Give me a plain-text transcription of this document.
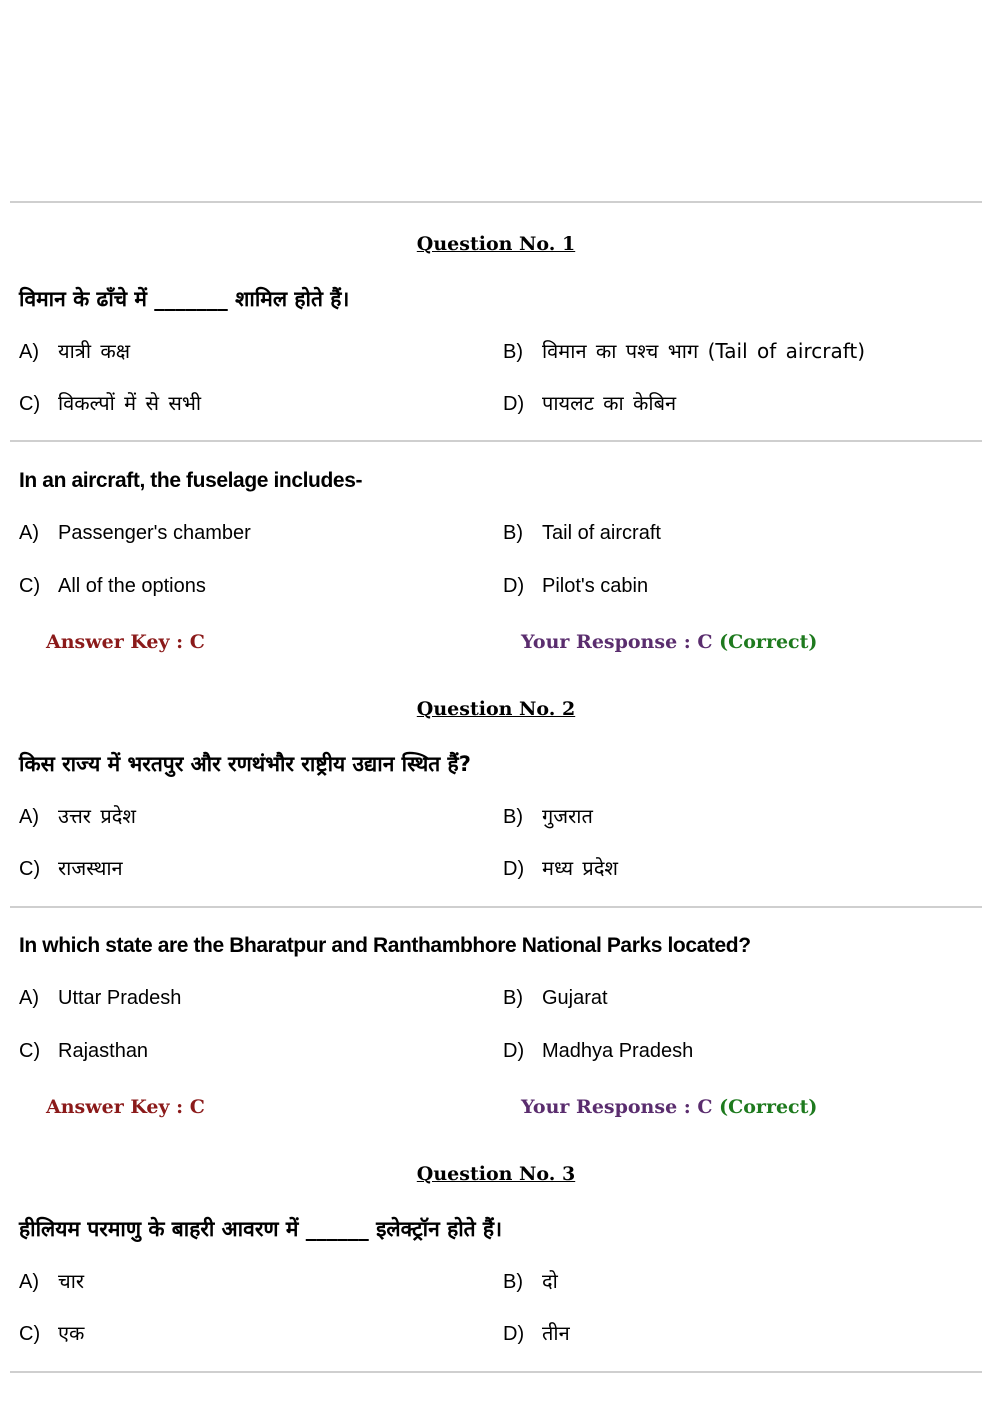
Question No. 1
विमान के ढाँचे में _______ शामिल होते हैं।
A) यात्री कक्ष	B) विमान का पश्च भाग (Tail of aircraft)
C) विकल्पों में से सभी	D) पायलट का केबिन
In an aircraft, the fuselage includes-
A) Passenger's chamber	B) Tail of aircraft
C) All of the options	D) Pilot's cabin
Answer Key : C	Your Response : C (Correct)
Question No. 2
किस राज्य में भरतपुर और रणथंभौर राष्ट्रीय उद्यान स्थित हैं?
A) उत्तर प्रदेश	B) गुजरात
C) राजस्थान	D) मध्य प्रदेश
In which state are the Bharatpur and Ranthambhore National Parks located?
A) Uttar Pradesh	B) Gujarat
C) Rajasthan	D) Madhya Pradesh
Answer Key : C	Your Response : C (Correct)
Question No. 3
हीलियम परमाणु के बाहरी आवरण में ______ इलेक्ट्रॉन होते हैं।
A) चार	B) दो
C) एक	D) तीन
